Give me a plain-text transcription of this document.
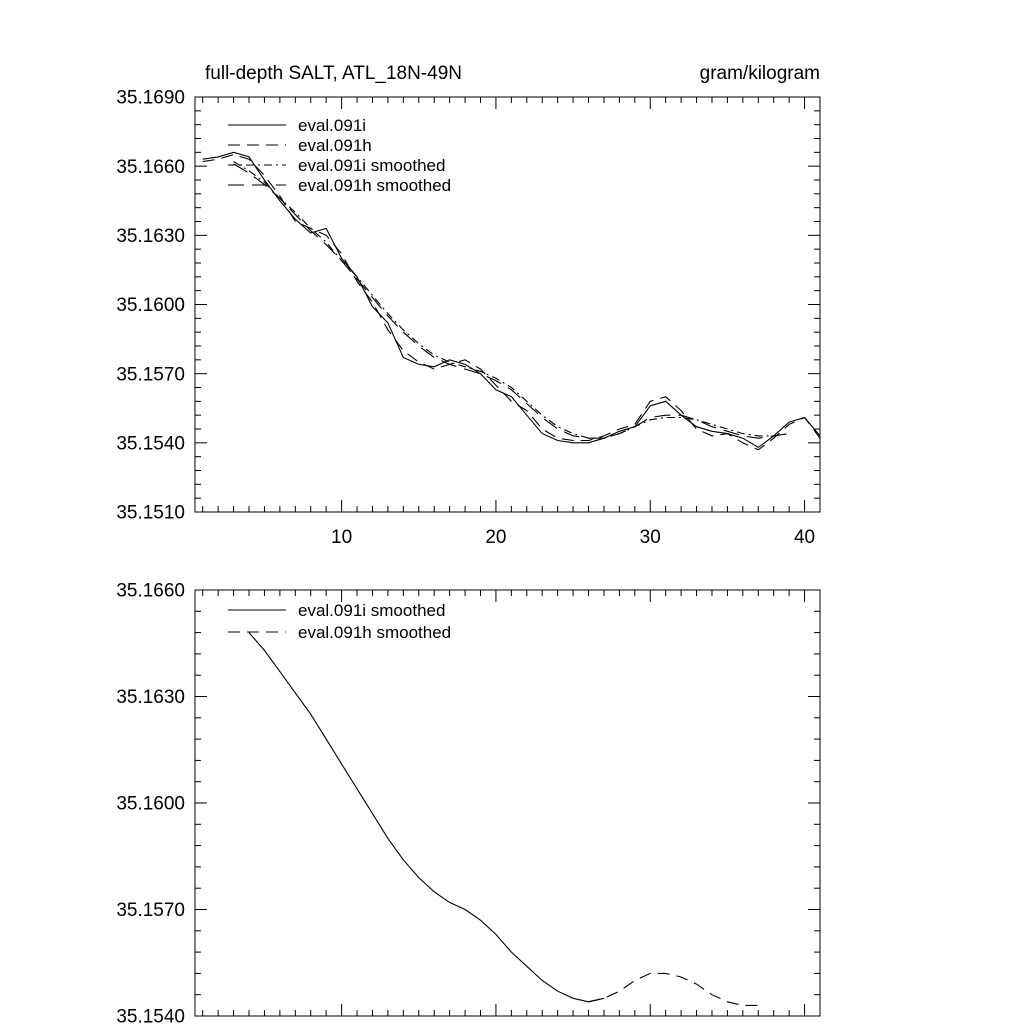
10	20	30	40
35.1510
35.1540
35.1570
35.1600
35.1630
35.1660
35.1690
full-depth SALT, ATL_18N-49N	gram/kilogram
eval.091i
eval.091h
eval.091i smoothed
eval.091h smoothed
35.1540
35.1570
35.1600
35.1630
35.1660
eval.091i smoothed
eval.091h smoothed
